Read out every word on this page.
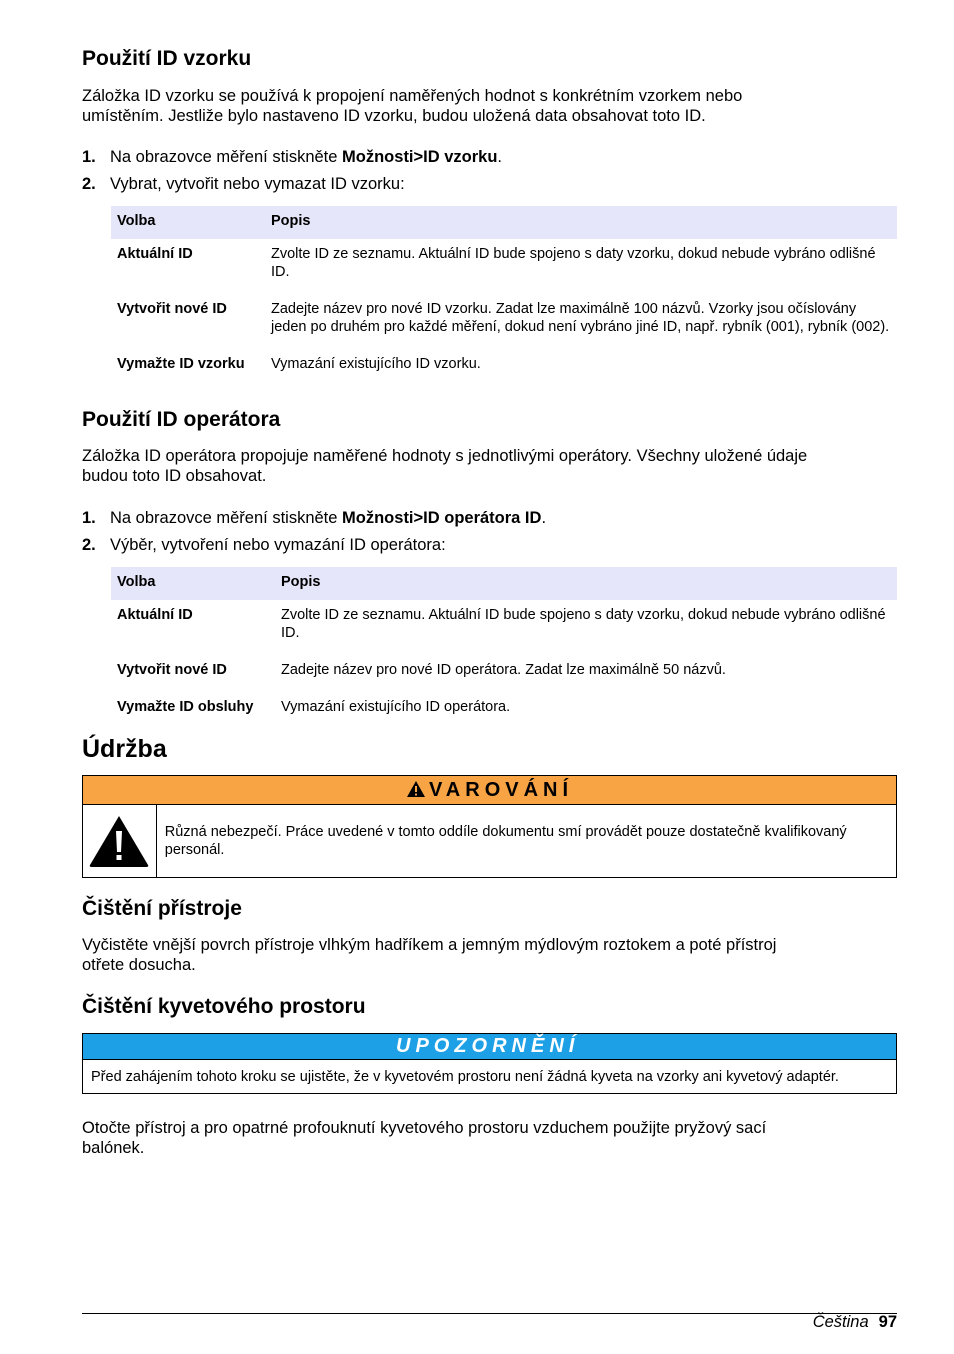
Použití ID vzorku

Záložka ID vzorku se používá k propojení naměřených hodnot s konkrétním vzorkem nebo

umístěním. Jestliže bylo nastaveno ID vzorku, budou uložená data obsahovat toto ID.

1. Na obrazovce měření stiskněte Možnosti>ID vzorku.
2. Vybrat, vytvořit nebo vymazat ID vzorku:
Volba	Popis
Aktuální ID	Zvolte ID ze seznamu. Aktuální ID bude spojeno s daty vzorku, dokud nebude vybráno odlišné ID.
Vytvořit nové ID	Zadejte název pro nové ID vzorku. Zadat lze maximálně 100 názvů. Vzorky jsou očíslovány jeden po druhém pro každé měření, dokud není vybráno jiné ID, např. rybník (001), rybník (002).
Vymažte ID vzorku	Vymazání existujícího ID vzorku.
Použití ID operátora

Záložka ID operátora propojuje naměřené hodnoty s jednotlivými operátory. Všechny uložené údaje

budou toto ID obsahovat.

1. Na obrazovce měření stiskněte Možnosti>ID operátora ID.
2. Výběr, vytvoření nebo vymazání ID operátora:
Volba	Popis
Aktuální ID	Zvolte ID ze seznamu. Aktuální ID bude spojeno s daty vzorku, dokud nebude vybráno odlišné ID.
Vytvořit nové ID	Zadejte název pro nové ID operátora. Zadat lze maximálně 50 názvů.
Vymažte ID obsluhy	Vymazání existujícího ID operátora.
Údržba
VAROVÁNÍ
Různá nebezpečí. Práce uvedené v tomto oddíle dokumentu smí provádět pouze dostatečně kvalifikovaný personál.
Čištění přístroje

Vyčistěte vnější povrch přístroje vlhkým hadříkem a jemným mýdlovým roztokem a poté přístroj

otřete dosucha.

Čištění kyvetového prostoru
UPOZORNĚNÍ
Před zahájením tohoto kroku se ujistěte, že v kyvetovém prostoru není žádná kyveta na vzorky ani kyvetový adaptér.

Otočte přístroj a pro opatrné profouknutí kyvetového prostoru vzduchem použijte pryžový sací

balónek.

Čeština 97
